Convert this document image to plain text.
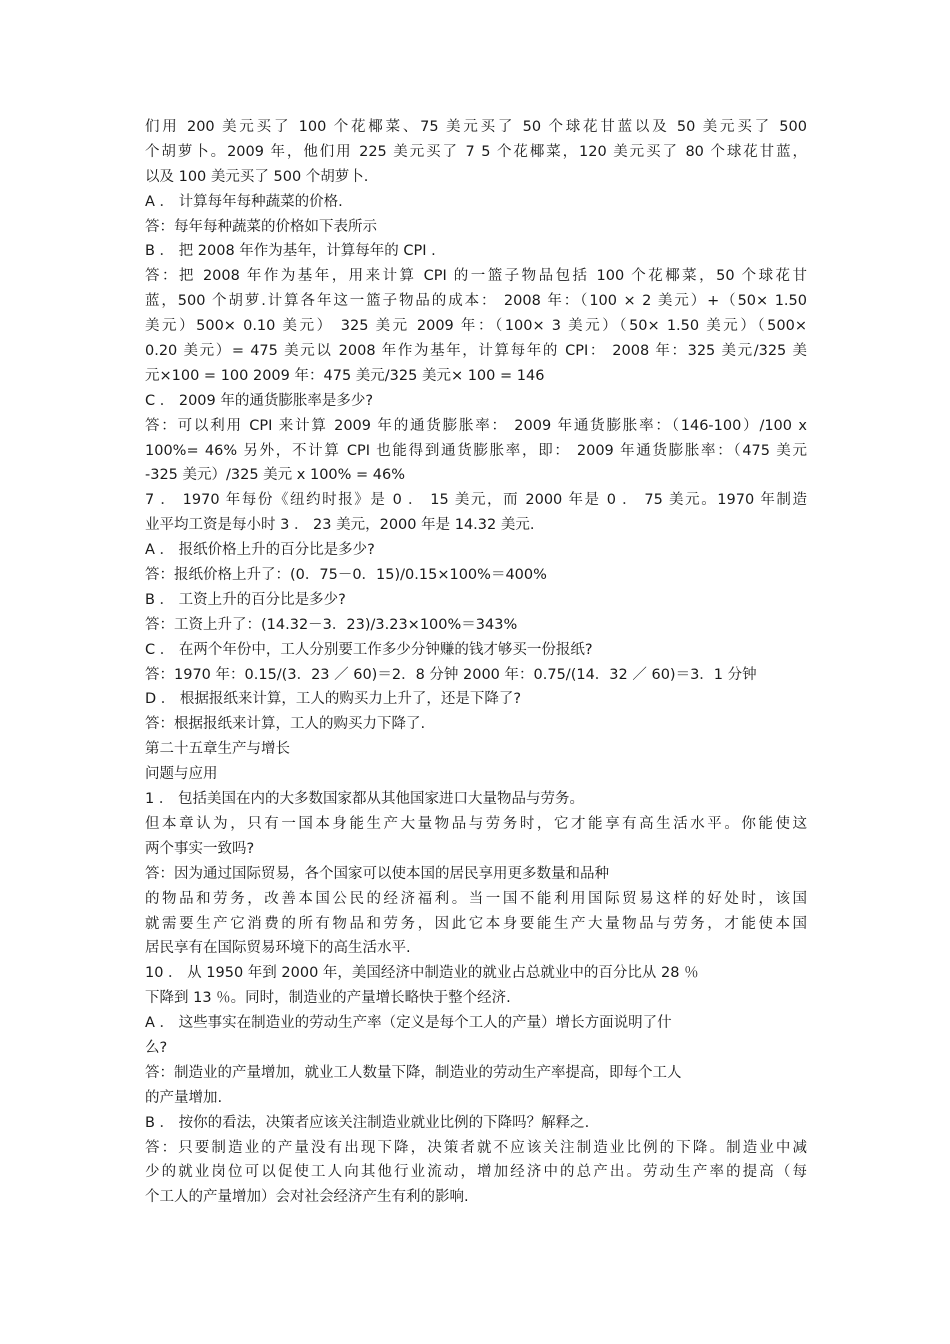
们用 200 美元买了 100 个花椰菜、75 美元买了 50 个球花甘蓝以及 50 美元买了 500
个胡萝卜。2009 年，他们用 225 美元买了 7 5 个花椰菜，120 美元买了 80 个球花甘蓝，
以及 100 美元买了 500 个胡萝卜.
A ． 计算每年每种蔬菜的价格.
答：每年每种蔬菜的价格如下表所示
B ． 把 2008 年作为基年，计算每年的 CPI .
答：把 2008 年作为基年，用来计算 CPI 的一篮子物品包括 100 个花椰菜，50 个球花甘
蓝，500 个胡萝.计算各年这一篮子物品的成本： 2008 年：（100 × 2 美元）+（50× 1.50
美元）500× 0.10 美元） 325 美元 2009 年：（100× 3 美元）（50× 1.50 美元）（500×
0.20 美元）= 475 美元以 2008 年作为基年，计算每年的 CPI： 2008 年：325 美元/325 美
元×100 = 100 2009 年：475 美元/325 美元× 100 = 146
C ． 2009 年的通货膨胀率是多少?
答：可以利用 CPI 来计算 2009 年的通货膨胀率： 2009 年通货膨胀率：（146-100）/100 x
100%= 46% 另外，不计算 CPI 也能得到通货膨胀率，即： 2009 年通货膨胀率：（475 美元
-325 美元）/325 美元 x 100% = 46%
7 ． 1970 年每份《纽约时报》是 0 ． 15 美元，而 2000 年是 0 ． 75 美元。1970 年制造
业平均工资是每小时 3 ． 23 美元，2000 年是 14.32 美元.
A ． 报纸价格上升的百分比是多少?
答：报纸价格上升了：(0．75－0．15)/0.15×100%＝400%
B ． 工资上升的百分比是多少?
答：工资上升了：(14.32－3．23)/3.23×100%＝343%
C ． 在两个年份中，工人分别要工作多少分钟赚的钱才够买一份报纸?
答：1970 年：0.15/(3．23 ／ 60)＝2．8 分钟 2000 年：0.75/(14．32 ／ 60)＝3．1 分钟
D ． 根据报纸来计算，工人的购买力上升了，还是下降了?
答：根据报纸来计算，工人的购买力下降了.
第二十五章生产与增长
问题与应用
1 ． 包括美国在内的大多数国家都从其他国家进口大量物品与劳务。
但本章认为，只有一国本身能生产大量物品与劳务时，它才能享有高生活水平。你能使这
两个事实一致吗?
答：因为通过国际贸易，各个国家可以使本国的居民享用更多数量和品种
的物品和劳务，改善本国公民的经济福利。当一国不能利用国际贸易这样的好处时，该国
就需要生产它消费的所有物品和劳务，因此它本身要能生产大量物品与劳务，才能使本国
居民享有在国际贸易环境下的高生活水平.
10 ． 从 1950 年到 2000 年，美国经济中制造业的就业占总就业中的百分比从 28 ％
下降到 13 ％。同时，制造业的产量增长略快于整个经济.
A ． 这些事实在制造业的劳动生产率（定义是每个工人的产量）增长方面说明了什
么?
答：制造业的产量增加，就业工人数量下降，制造业的劳动生产率提高，即每个工人
的产量增加.
B ． 按你的看法，决策者应该关注制造业就业比例的下降吗？解释之.
答：只要制造业的产量没有出现下降，决策者就不应该关注制造业比例的下降。制造业中减
少的就业岗位可以促使工人向其他行业流动，增加经济中的总产出。劳动生产率的提高（每
个工人的产量增加）会对社会经济产生有利的影响.
